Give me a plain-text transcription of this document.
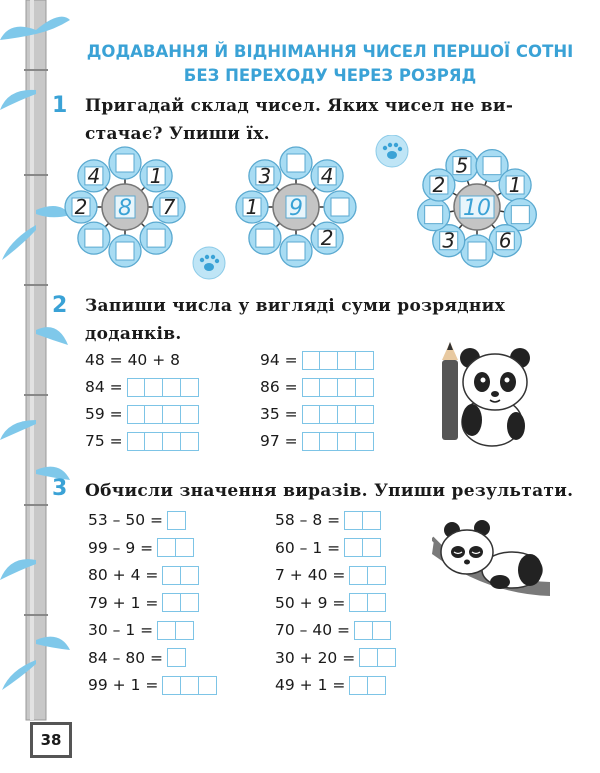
ДОДАВАННЯ Й ВІДНІМАННЯ ЧИСЕЛ ПЕРШОЇ СОТНІ
БЕЗ ПЕРЕХОДУ ЧЕРЕЗ РОЗРЯД
1 Пригадай склад чисел. Яких чисел не ви-
стачає? Упиши їх.
4 1
7
2 8
3 4
2
1 9
5
1
6
3
2
10
2 Запиши числа у вигляді суми розрядних
доданків.
48 = 40 + 8
84 =
59 =
75 =
94 =
86 =
35 =
97 =
3 Обчисли значення виразів. Упиши результати.
53 – 50 =
99 – 9 =
80 + 4 =
79 + 1 =
30 – 1 =
84 – 80 =
99 + 1 =
58 – 8 =
60 – 1 =
7 + 40 =
50 + 9 =
70 – 40 =
30 + 20 =
49 + 1 =
38
